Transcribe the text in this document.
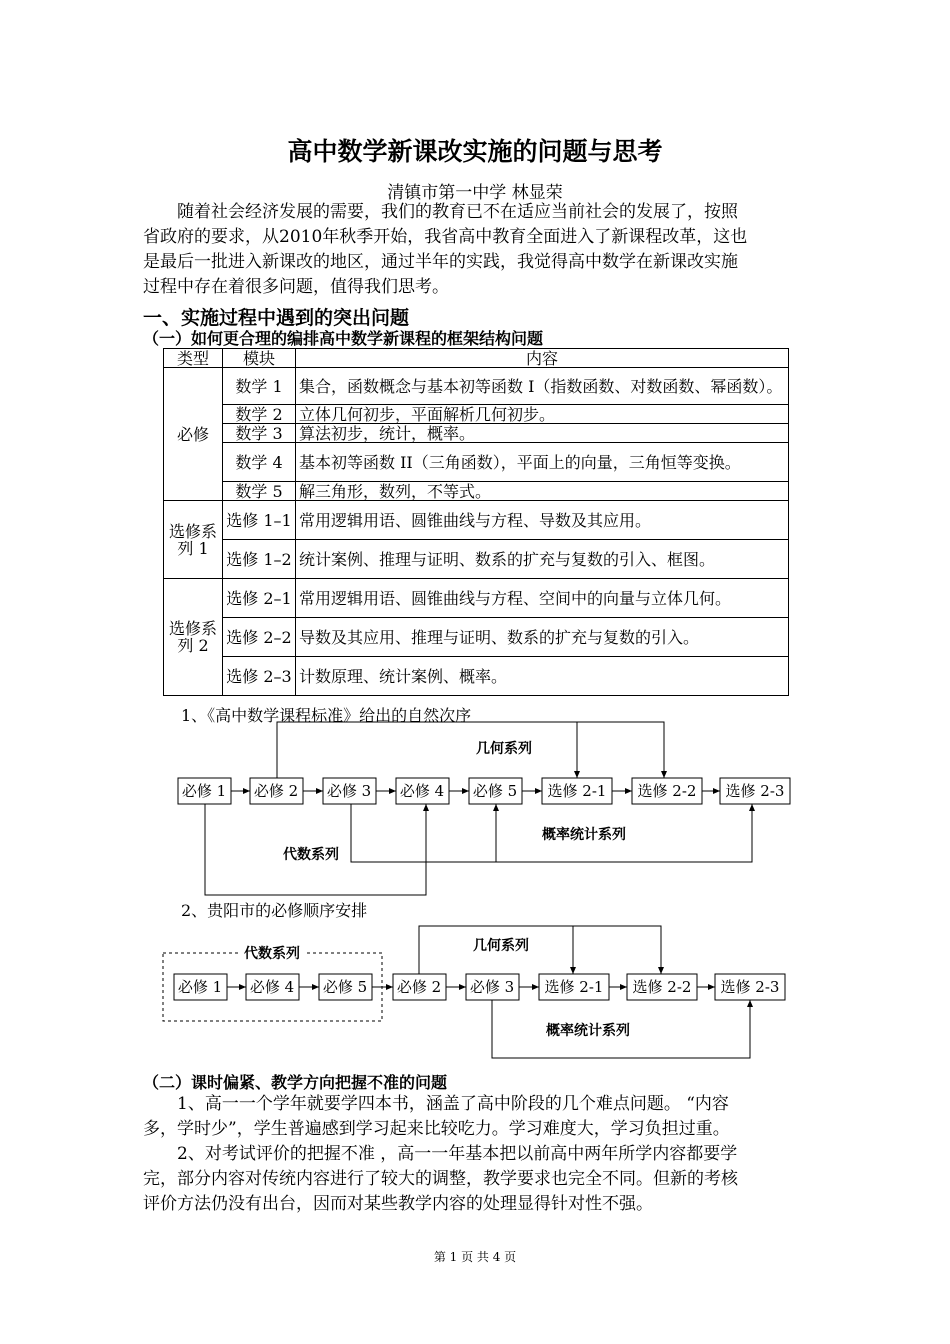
高中数学新课改实施的问题与思考
清镇市第一中学 林显荣
随着社会经济发展的需要，我们的教育已不在适应当前社会的发展了，按照
省政府的要求，从2010年秋季开始，我省高中教育全面进入了新课程改革，这也
是最后一批进入新课改的地区，通过半年的实践，我觉得高中数学在新课改实施
过程中存在着很多问题，值得我们思考。
一、实施过程中遇到的突出问题
（一）如何更合理的编排高中数学新课程的框架结构问题
类型	模块	内容
必修	数学 1	集合，函数概念与基本初等函数 I（指数函数、对数函数、幂函数）。
	数学 2	立体几何初步，平面解析几何初步。
	数学 3	算法初步，统计，概率。
	数学 4	基本初等函数 II（三角函数），平面上的向量，三角恒等变换。
	数学 5	解三角形，数列，不等式。
选修系列 1	选修 1–1	常用逻辑用语、圆锥曲线与方程、导数及其应用。
	选修 1–2	统计案例、推理与证明、数系的扩充与复数的引入、框图。
选修系列 2	选修 2–1	常用逻辑用语、圆锥曲线与方程、空间中的向量与立体几何。
	选修 2–2	导数及其应用、推理与证明、数系的扩充与复数的引入。
	选修 2–3	计数原理、统计案例、概率。
1、《高中数学课程标准》给出的自然次序
必修 1 必修 2 必修 3 必修 4 必修 5 选修 2-1 选修 2-2 选修 2-3
几何系列
概率统计系列
代数系列
必修 1 必修 4 必修 5 必修 2 必修 3 选修 2-1 选修 2-2 选修 2-3
代数系列	几何系列
概率统计系列
2、贵阳市的必修顺序安排
（二）课时偏紧、教学方向把握不准的问题
1、高一一个学年就要学四本书，涵盖了高中阶段的几个难点问题。 “内容
多，学时少”，学生普遍感到学习起来比较吃力。学习难度大，学习负担过重。
2、对考试评价的把握不准 ，高一一年基本把以前高中两年所学内容都要学
完，部分内容对传统内容进行了较大的调整，教学要求也完全不同。但新的考核
评价方法仍没有出台，因而对某些教学内容的处理显得针对性不强。
第 1 页 共 4 页
